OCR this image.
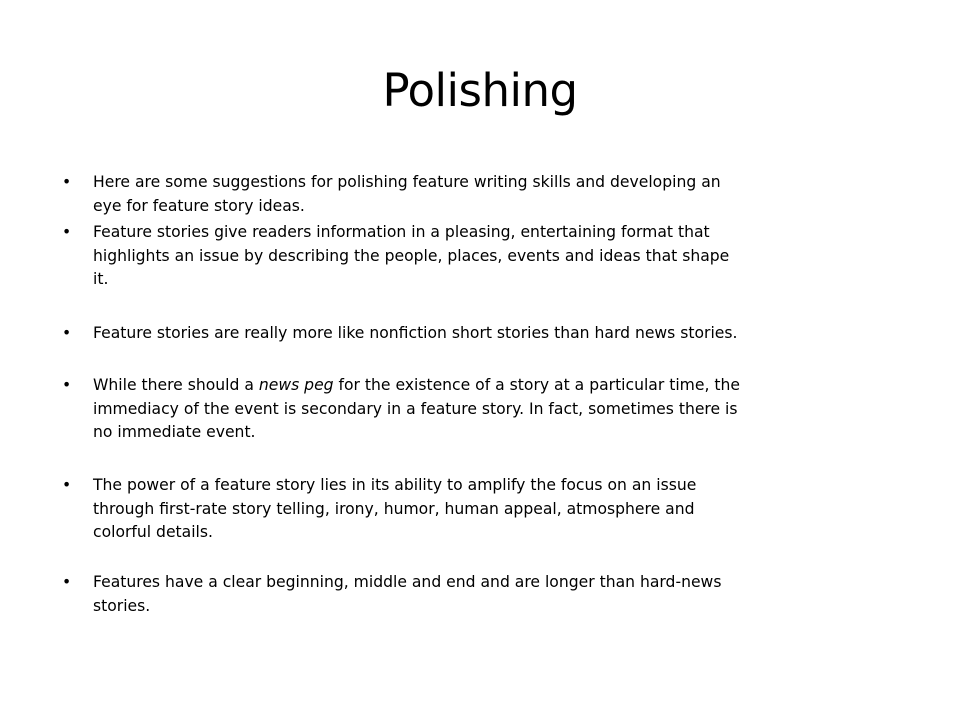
Polishing
• Here are some suggestions for polishing feature writing skills and developing an
eye for feature story ideas.
• Feature stories give readers information in a pleasing, entertaining format that
highlights an issue by describing the people, places, events and ideas that shape
it.
• Feature stories are really more like nonfiction short stories than hard news stories.
• While there should a news peg for the existence of a story at a particular time, the
immediacy of the event is secondary in a feature story. In fact, sometimes there is
no immediate event.
• The power of a feature story lies in its ability to amplify the focus on an issue
through first-rate story telling, irony, humor, human appeal, atmosphere and
colorful details.
• Features have a clear beginning, middle and end and are longer than hard-news
stories.
